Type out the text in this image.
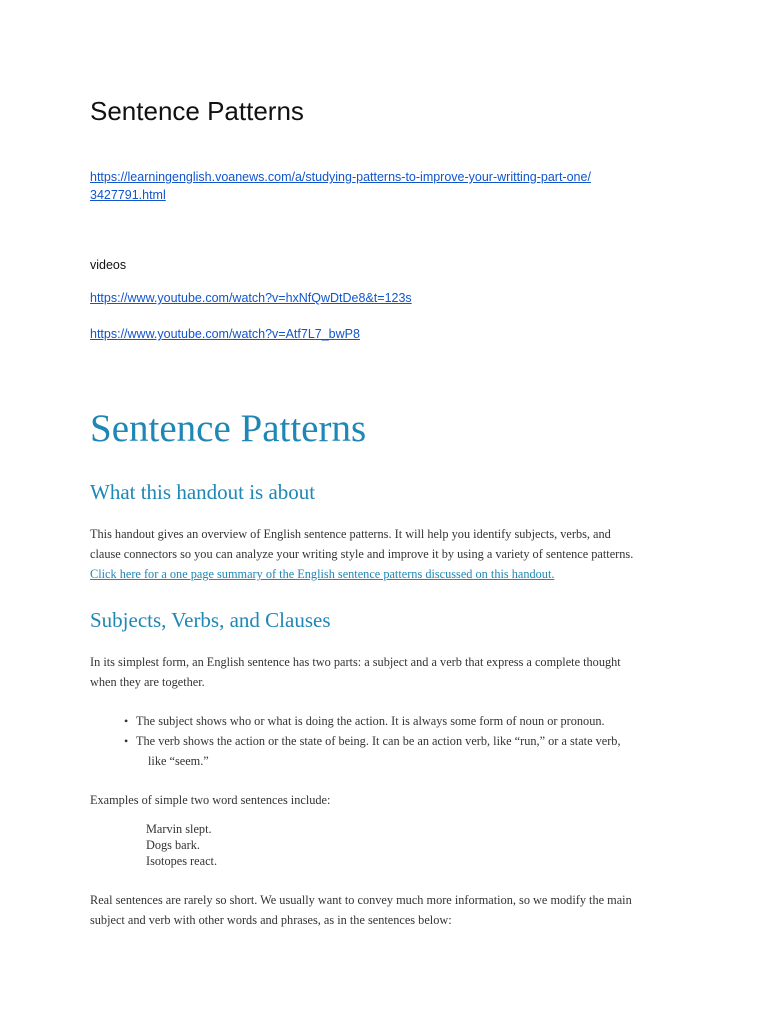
Sentence Patterns
https://learningenglish.voanews.com/a/studying-patterns-to-improve-your-writting-part-one/
3427791.html
videos
https://www.youtube.com/watch?v=hxNfQwDtDe8&t=123s
https://www.youtube.com/watch?v=Atf7L7_bwP8
Sentence Patterns
What this handout is about
This handout gives an overview of English sentence patterns. It will help you identify subjects, verbs, and
clause connectors so you can analyze your writing style and improve it by using a variety of sentence patterns.
Click here for a one page summary of the English sentence patterns discussed on this handout.
Subjects, Verbs, and Clauses
In its simplest form, an English sentence has two parts: a subject and a verb that express a complete thought
when they are together.
• The subject shows who or what is doing the action. It is always some form of noun or pronoun.
• The verb shows the action or the state of being. It can be an action verb, like “run,” or a state verb,
like “seem.”
Examples of simple two word sentences include:
Marvin slept.
Dogs bark.
Isotopes react.
Real sentences are rarely so short. We usually want to convey much more information, so we modify the main
subject and verb with other words and phrases, as in the sentences below:
